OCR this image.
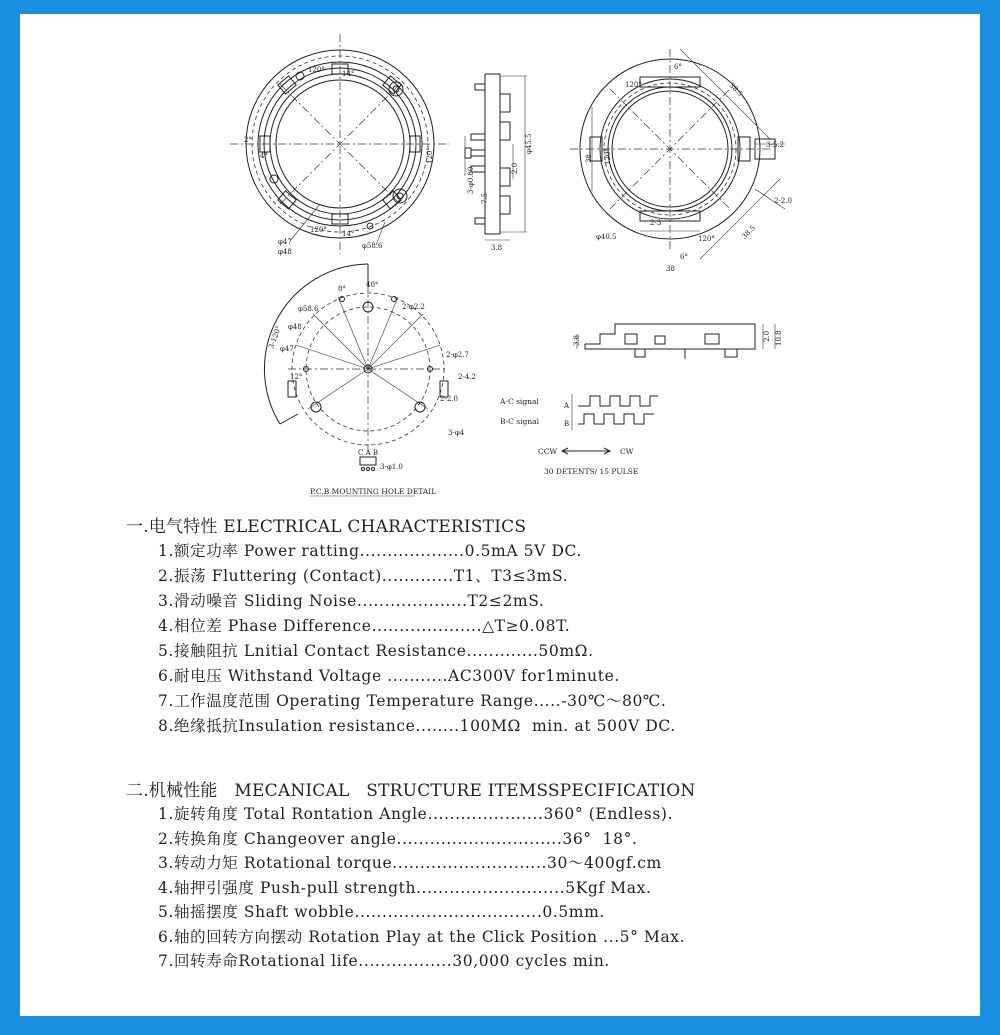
120° 14°
2°
4°	120°
120° 14°
φ47
φ48
φ58.6
φ45.5
2.0
3-φ0.80
7.5
3.8
6°
120°	38.5
38 120°
3-5.2
2-2.0
2-3
φ40.5	120°
6°
38
38.5
40°
8°
2-φ2.2
φ58.6
φ48
φ47
3-120°
2-φ2.7
2-4.2
2-2.0
3-φ4
12°
C A B
3-φ1.0
P.C.B MOUNTING HOLE DETAIL
3.8	2.0 10.8
A-C signal
B-C signal
A
B
CCW	CW
30 DETENTS/ 15 PULSE

一.电气特性 ELECTRICAL CHARACTERISTICS

1.额定功率 Power ratting...................0.5mA 5V DC.

2.振荡 Fluttering (Contact).............T1、T3≤3mS.

3.滑动噪音 Sliding Noise....................T2≤2mS.

4.相位差 Phase Difference....................△T≥0.08T.

5.接触阻抗 Lnitial Contact Resistance.............50mΩ.

6.耐电压 Withstand Voltage ...........AC300V for1minute.

7.工作温度范围 Operating Temperature Range.....-30℃～80℃.

8.绝缘抵抗Insulation resistance........100MΩ  min. at 500V DC.

二.机械性能   MECANICAL   STRUCTURE ITEMSSPECIFICATION

1.旋转角度 Total Rontation Angle.....................360° (Endless).

2.转换角度 Changeover angle..............................36°  18°.

3.转动力矩 Rotational torque............................30～400gf.cm

4.轴押引强度 Push-pull strength...........................5Kgf Max.

5.轴摇摆度 Shaft wobble..................................0.5mm.

6.轴的回转方向摆动 Rotation Play at the Click Position ...5° Max.

7.回转寿命Rotational life.................30,000 cycles min.
